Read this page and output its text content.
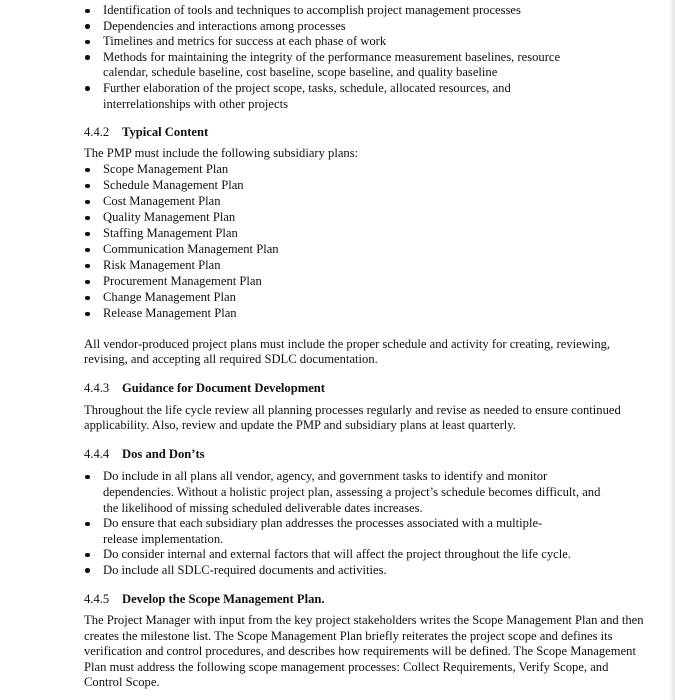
Identification of tools and techniques to accomplish project management processes
Dependencies and interactions among processes
Timelines and metrics for success at each phase of work
Methods for maintaining the integrity of the performance measurement baselines, resource calendar, schedule baseline, cost baseline, scope baseline, and quality baseline
Further elaboration of the project scope, tasks, schedule, allocated resources, and interrelationships with other projects
4.4.2 Typical Content

The PMP must include the following subsidiary plans:

Scope Management Plan
Schedule Management Plan
Cost Management Plan
Quality Management Plan
Staffing Management Plan
Communication Management Plan
Risk Management Plan
Procurement Management Plan
Change Management Plan
Release Management Plan

All vendor-produced project plans must include the proper schedule and activity for creating, reviewing, revising, and accepting all required SDLC documentation.

4.4.3 Guidance for Document Development

Throughout the life cycle review all planning processes regularly and revise as needed to ensure continued applicability. Also, review and update the PMP and subsidiary plans at least quarterly.

4.4.4 Dos and Don’ts
Do include in all plans all vendor, agency, and government tasks to identify and monitor dependencies. Without a holistic project plan, assessing a project’s schedule becomes difficult, and the likelihood of missing scheduled deliverable dates increases.
Do ensure that each subsidiary plan addresses the processes associated with a multiple-release implementation.
Do consider internal and external factors that will affect the project throughout the life cycle.
Do include all SDLC-required documents and activities.
4.4.5 Develop the Scope Management Plan.

The Project Manager with input from the key project stakeholders writes the Scope Management Plan and then creates the milestone list. The Scope Management Plan briefly reiterates the project scope and defines its verification and control procedures, and describes how requirements will be defined. The Scope Management Plan must address the following scope management processes: Collect Requirements, Verify Scope, and Control Scope.
